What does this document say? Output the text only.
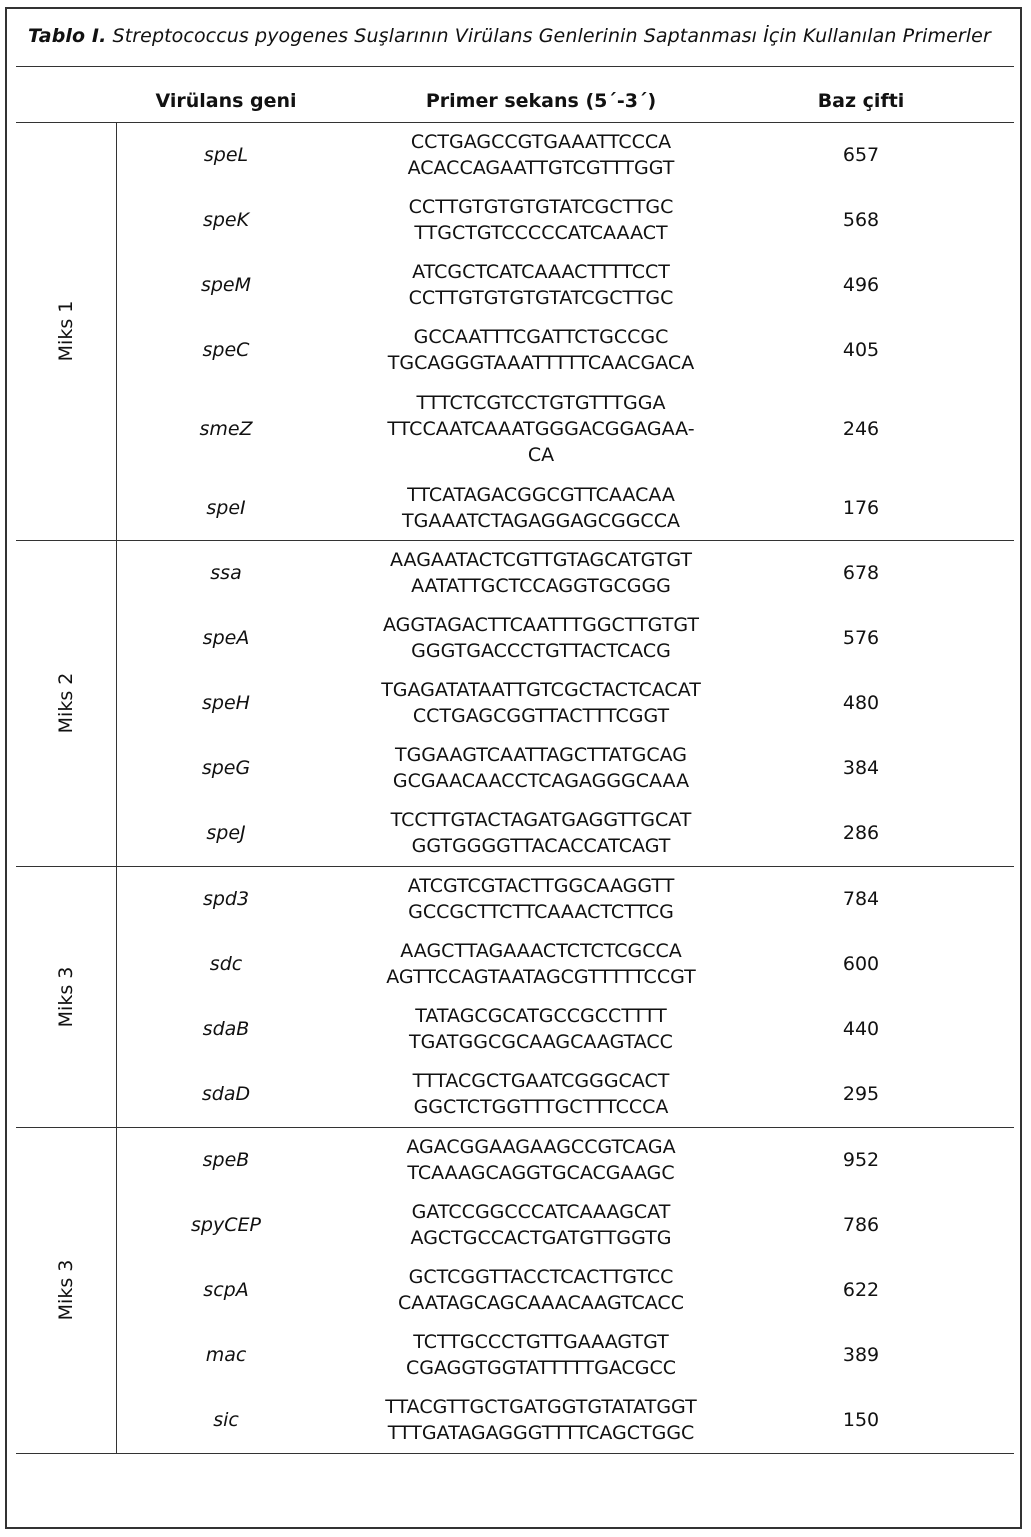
Tablo I. Streptococcus pyogenes Suşlarının Virülans Genlerinin Saptanması İçin Kullanılan Primerler
Virülans geni	Primer sekans (5´-3´)	Baz çifti
Miks 1
speL
CCTGAGCCGTGAAATTCCCA
ACACCAGAATTGTCGTTTGGT
657
speK
CCTTGTGTGTGTATCGCTTGC
TTGCTGTCCCCCATCAAACT
568
speM
ATCGCTCATCAAACTTTTCCT
CCTTGTGTGTGTATCGCTTGC
496
speC
GCCAATTTCGATTCTGCCGC
TGCAGGGTAAATTTTTCAACGACA
405
smeZ
TTTCTCGTCCTGTGTTTGGA
TTCCAATCAAATGGGACGGAGAA-
CA
246
speI
TTCATAGACGGCGTTCAACAA
TGAAATCTAGAGGAGCGGCCA
176
Miks 2
ssa
AAGAATACTCGTTGTAGCATGTGT
AATATTGCTCCAGGTGCGGG
678
speA
AGGTAGACTTCAATTTGGCTTGTGT
GGGTGACCCTGTTACTCACG
576
speH
TGAGATATAATTGTCGCTACTCACAT
CCTGAGCGGTTACTTTCGGT
480
speG
TGGAAGTCAATTAGCTTATGCAG
GCGAACAACCTCAGAGGGCAAA
384
speJ
TCCTTGTACTAGATGAGGTTGCAT
GGTGGGGTTACACCATCAGT
286
Miks 3
spd3
ATCGTCGTACTTGGCAAGGTT
GCCGCTTCTTCAAACTCTTCG
784
sdc
AAGCTTAGAAACTCTCTCGCCA
AGTTCCAGTAATAGCGTTTTTCCGT
600
sdaB
TATAGCGCATGCCGCCTTTT
TGATGGCGCAAGCAAGTACC
440
sdaD
TTTACGCTGAATCGGGCACT
GGCTCTGGTTTGCTTTCCCA
295
Miks 3
speB
AGACGGAAGAAGCCGTCAGA
TCAAAGCAGGTGCACGAAGC
952
spyCEP
GATCCGGCCCATCAAAGCAT
AGCTGCCACTGATGTTGGTG
786
scpA
GCTCGGTTACCTCACTTGTCC
CAATAGCAGCAAACAAGTCACC
622
mac
TCTTGCCCTGTTGAAAGTGT
CGAGGTGGTATTTTTGACGCC
389
sic
TTACGTTGCTGATGGTGTATATGGT
TTTGATAGAGGGTTTTCAGCTGGC
150
